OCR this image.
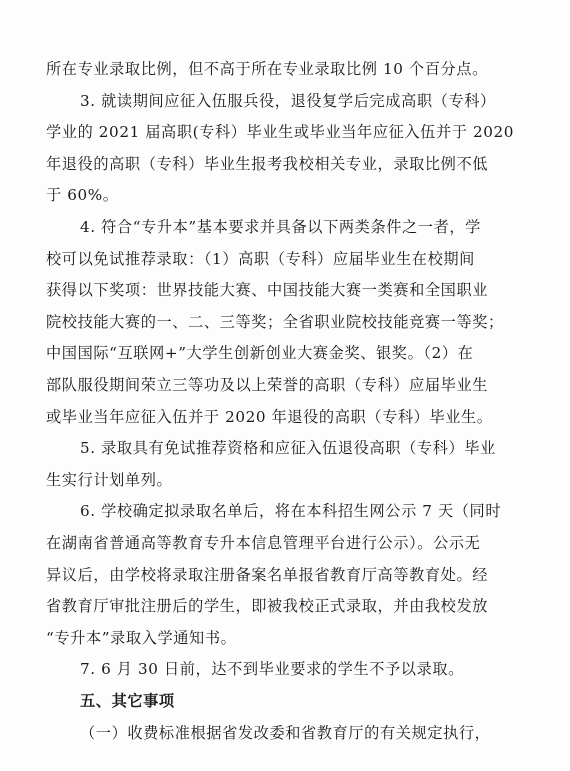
所在专业录取比例，但不高于所在专业录取比例 10 个百分点。
3. 就读期间应征入伍服兵役，退役复学后完成高职（专科）
学业的 2021 届高职(专科）毕业生或毕业当年应征入伍并于 2020
年退役的高职（专科）毕业生报考我校相关专业，录取比例不低
于 60%。
4. 符合“专升本”基本要求并具备以下两类条件之一者，学
校可以免试推荐录取：（1）高职（专科）应届毕业生在校期间
获得以下奖项：世界技能大赛、中国技能大赛一类赛和全国职业
院校技能大赛的一、二、三等奖；全省职业院校技能竞赛一等奖；
中国国际“互联网+”大学生创新创业大赛金奖、银奖。（2）在
部队服役期间荣立三等功及以上荣誉的高职（专科）应届毕业生
或毕业当年应征入伍并于 2020 年退役的高职（专科）毕业生。
5. 录取具有免试推荐资格和应征入伍退役高职（专科）毕业
生实行计划单列。
6. 学校确定拟录取名单后，将在本科招生网公示 7 天（同时
在湖南省普通高等教育专升本信息管理平台进行公示）。公示无
异议后，由学校将录取注册备案名单报省教育厅高等教育处。经
省教育厅审批注册后的学生，即被我校正式录取，并由我校发放
“专升本”录取入学通知书。
7. 6 月 30 日前，达不到毕业要求的学生不予以录取。
五、其它事项
（一）收费标准根据省发改委和省教育厅的有关规定执行，
